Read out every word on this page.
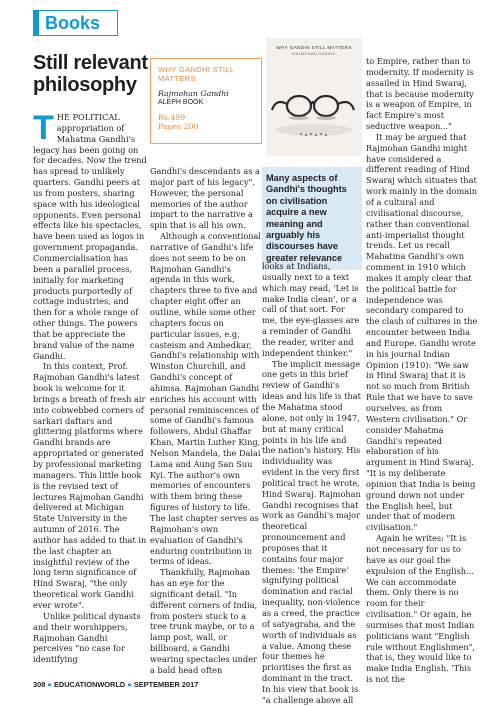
Books
Still relevant philosophy

THE POLITICAL appropriation of Mahatma Gandhi's legacy has been going on for decades. Now the trend has spread to unlikely quarters. Gandhi peers at us from posters, sharing space with his ideological opponents. Even personal effects like his spectacles, have been used as logos in government propaganda. Commercialisation has been a parallel process, initially for marketing products purportedly of cottage industries, and then for a whole range of other things. The powers that be appreciate the brand value of the name Gandhi.

In this context, Prof. Rajmohan Gandhi's latest book is welcome for it brings a breath of fresh air into cobwebbed corners of sarkari daftars and glittering platforms where Gandhi brands are appropriated or generated by professional marketing managers. This little book is the revised text of lectures Rajmohan Gandhi delivered at Michigan State University in the autumn of 2016. The author has added to that in the last chapter an insightful review of the long term significance of Hind Swaraj, "the only theoretical work Gandhi ever wrote".

Unlike political dynasts and their worshippers, Rajmohan Gandhi perceives "no case for identifying

WHY GANDHI STILL MATTERS

Rajmohan Gandhi

ALEPH BOOK

Rs.499

Pages 200

WHY GANDHI STILL MATTERS
RAJMOHAN GANDHI

Gandhi's descendants as a major part of his legacy". However, the personal memories of the author impart to the narrative a spin that is all his own.

Although a conventional narrative of Gandhi's life does not seem to be on Rajmohan Gandhi's agenda in this work, chapters three to five and chapter eight offer an outline, while some other chapters focus on particular issues, e.g, casteism and Ambedkar, Gandhi's relationship with Winston Churchill, and Gandhi's concept of ahimsa. Rajmohan Gandhi enriches his account with personal reminiscences of some of Gandhi's famous followers, Abdul Ghaffar Khan, Martin Luther King, Nelson Mandela, the Dalai Lama and Aung San Suu Kyi. The author's own memories of encounters with them bring these figures of history to life. The last chapter serves as Rajmohan's own evaluation of Gandhi's enduring contribution in terms of ideas.

Thankfully, Rajmohan has an eye for the significant detail. "In different corners of India, from posters stuck to a tree trunk maybe, or to a lamp post, wall, or billboard, a Gandhi wearing spectacles under a bald head often

Many aspects of Gandhi's thoughts on civilisation acquire a new meaning and arguably his discourses have greater relevance

looks at Indians, usually next to a text which may read, 'Let is make India clean', or a call of that sort. For me, the eye-glasses are a reminder of Gandhi the reader, writer and independent thinker."

The implicit message one gets in this brief review of Gandhi's ideas and his life is that the Mahatma stood alone, not only in 1947, but at many critical points in his life and the nation's history. His individuality was evident in the very first political tract he wrote, Hind Swaraj. Rajmohan Gandhi recognises that work as Gandhi's major theoretical pronouncement and proposes that it contains four major themes: 'the Empire' signifying political domination and racial inequality, non-violence as a creed, the practice of satyagraha, and the worth of individuals as a value. Among these four themes he prioritises the first as dominant in the tract. In his view that book is "a challenge above all

to Empire, rather than to modernity. If modernity is assailed in Hind Swaraj, that is because modernity is a weapon of Empire, in fact Empire's most seductive weapon..."

It may be argued that Rajmohan Gandhi might have considered a different reading of Hind Swaraj which situates that work mainly in the domain of a cultural and civilisational discourse, rather than conventional anti-imperialist thought trends. Let us recall Mahatma Gandhi's own comment in 1910 which makes it amply clear that the political battle for independence was secondary compared to the clash of cultures in the encounter between India and Europe. Gandhi wrote in his journal Indian Opinion (1910): "We saw in Hind Swaraj that it is not so much from British Rule that we have to save ourselves, as from Western civilisation." Or consider Mahatma Gandhi's repeated elaboration of his argument in Hind Swaraj. "It is my deliberate opinion that India is being ground down not under the English heel, but under that of modern civilisation."

Again he writes: "It is not necessary for us to have as our goal the expulsion of the English... We can accommodate them. Only there is no room for their civilisation." Or again, he surmises that most Indian politicians want "English rule without Englishmen", that is, they would like to make India English. 'This is not the

308 ● EDUCATIONWORLD ● SEPTEMBER 2017
